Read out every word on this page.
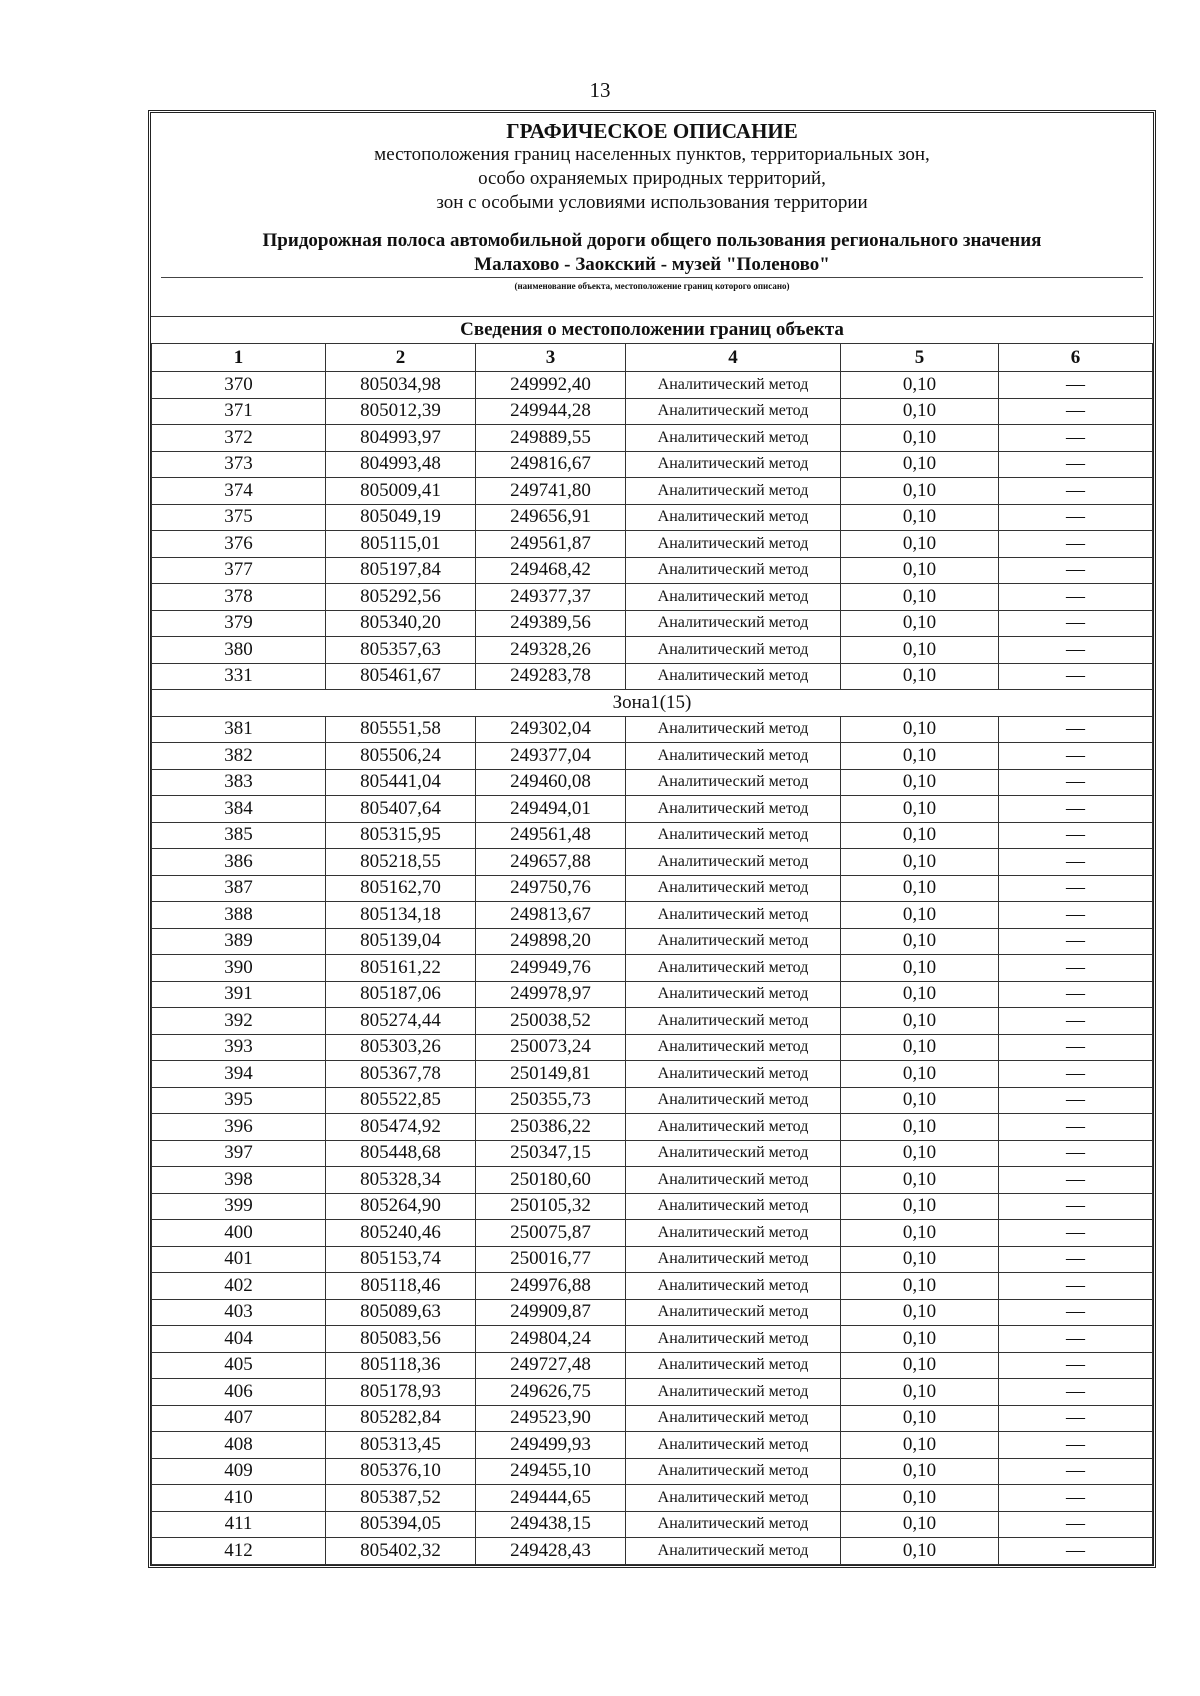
13
ГРАФИЧЕСКОЕ ОПИСАНИЕ
местоположения границ населенных пунктов, территориальных зон,
особо охраняемых природных территорий,
зон с особыми условиями использования территории
Придорожная полоса автомобильной дороги общего пользования регионального значения
Малахово - Заокский - музей "Поленово"
(наименование объекта, местоположение границ которого описано)
Сведения о местоположении границ объекта
1	2	3	4	5	6
370	805034,98	249992,40	Аналитический метод	0,10	—
371	805012,39	249944,28	Аналитический метод	0,10	—
372	804993,97	249889,55	Аналитический метод	0,10	—
373	804993,48	249816,67	Аналитический метод	0,10	—
374	805009,41	249741,80	Аналитический метод	0,10	—
375	805049,19	249656,91	Аналитический метод	0,10	—
376	805115,01	249561,87	Аналитический метод	0,10	—
377	805197,84	249468,42	Аналитический метод	0,10	—
378	805292,56	249377,37	Аналитический метод	0,10	—
379	805340,20	249389,56	Аналитический метод	0,10	—
380	805357,63	249328,26	Аналитический метод	0,10	—
331	805461,67	249283,78	Аналитический метод	0,10	—
Зона1(15)					
381	805551,58	249302,04	Аналитический метод	0,10	—
382	805506,24	249377,04	Аналитический метод	0,10	—
383	805441,04	249460,08	Аналитический метод	0,10	—
384	805407,64	249494,01	Аналитический метод	0,10	—
385	805315,95	249561,48	Аналитический метод	0,10	—
386	805218,55	249657,88	Аналитический метод	0,10	—
387	805162,70	249750,76	Аналитический метод	0,10	—
388	805134,18	249813,67	Аналитический метод	0,10	—
389	805139,04	249898,20	Аналитический метод	0,10	—
390	805161,22	249949,76	Аналитический метод	0,10	—
391	805187,06	249978,97	Аналитический метод	0,10	—
392	805274,44	250038,52	Аналитический метод	0,10	—
393	805303,26	250073,24	Аналитический метод	0,10	—
394	805367,78	250149,81	Аналитический метод	0,10	—
395	805522,85	250355,73	Аналитический метод	0,10	—
396	805474,92	250386,22	Аналитический метод	0,10	—
397	805448,68	250347,15	Аналитический метод	0,10	—
398	805328,34	250180,60	Аналитический метод	0,10	—
399	805264,90	250105,32	Аналитический метод	0,10	—
400	805240,46	250075,87	Аналитический метод	0,10	—
401	805153,74	250016,77	Аналитический метод	0,10	—
402	805118,46	249976,88	Аналитический метод	0,10	—
403	805089,63	249909,87	Аналитический метод	0,10	—
404	805083,56	249804,24	Аналитический метод	0,10	—
405	805118,36	249727,48	Аналитический метод	0,10	—
406	805178,93	249626,75	Аналитический метод	0,10	—
407	805282,84	249523,90	Аналитический метод	0,10	—
408	805313,45	249499,93	Аналитический метод	0,10	—
409	805376,10	249455,10	Аналитический метод	0,10	—
410	805387,52	249444,65	Аналитический метод	0,10	—
411	805394,05	249438,15	Аналитический метод	0,10	—
412	805402,32	249428,43	Аналитический метод	0,10	—
